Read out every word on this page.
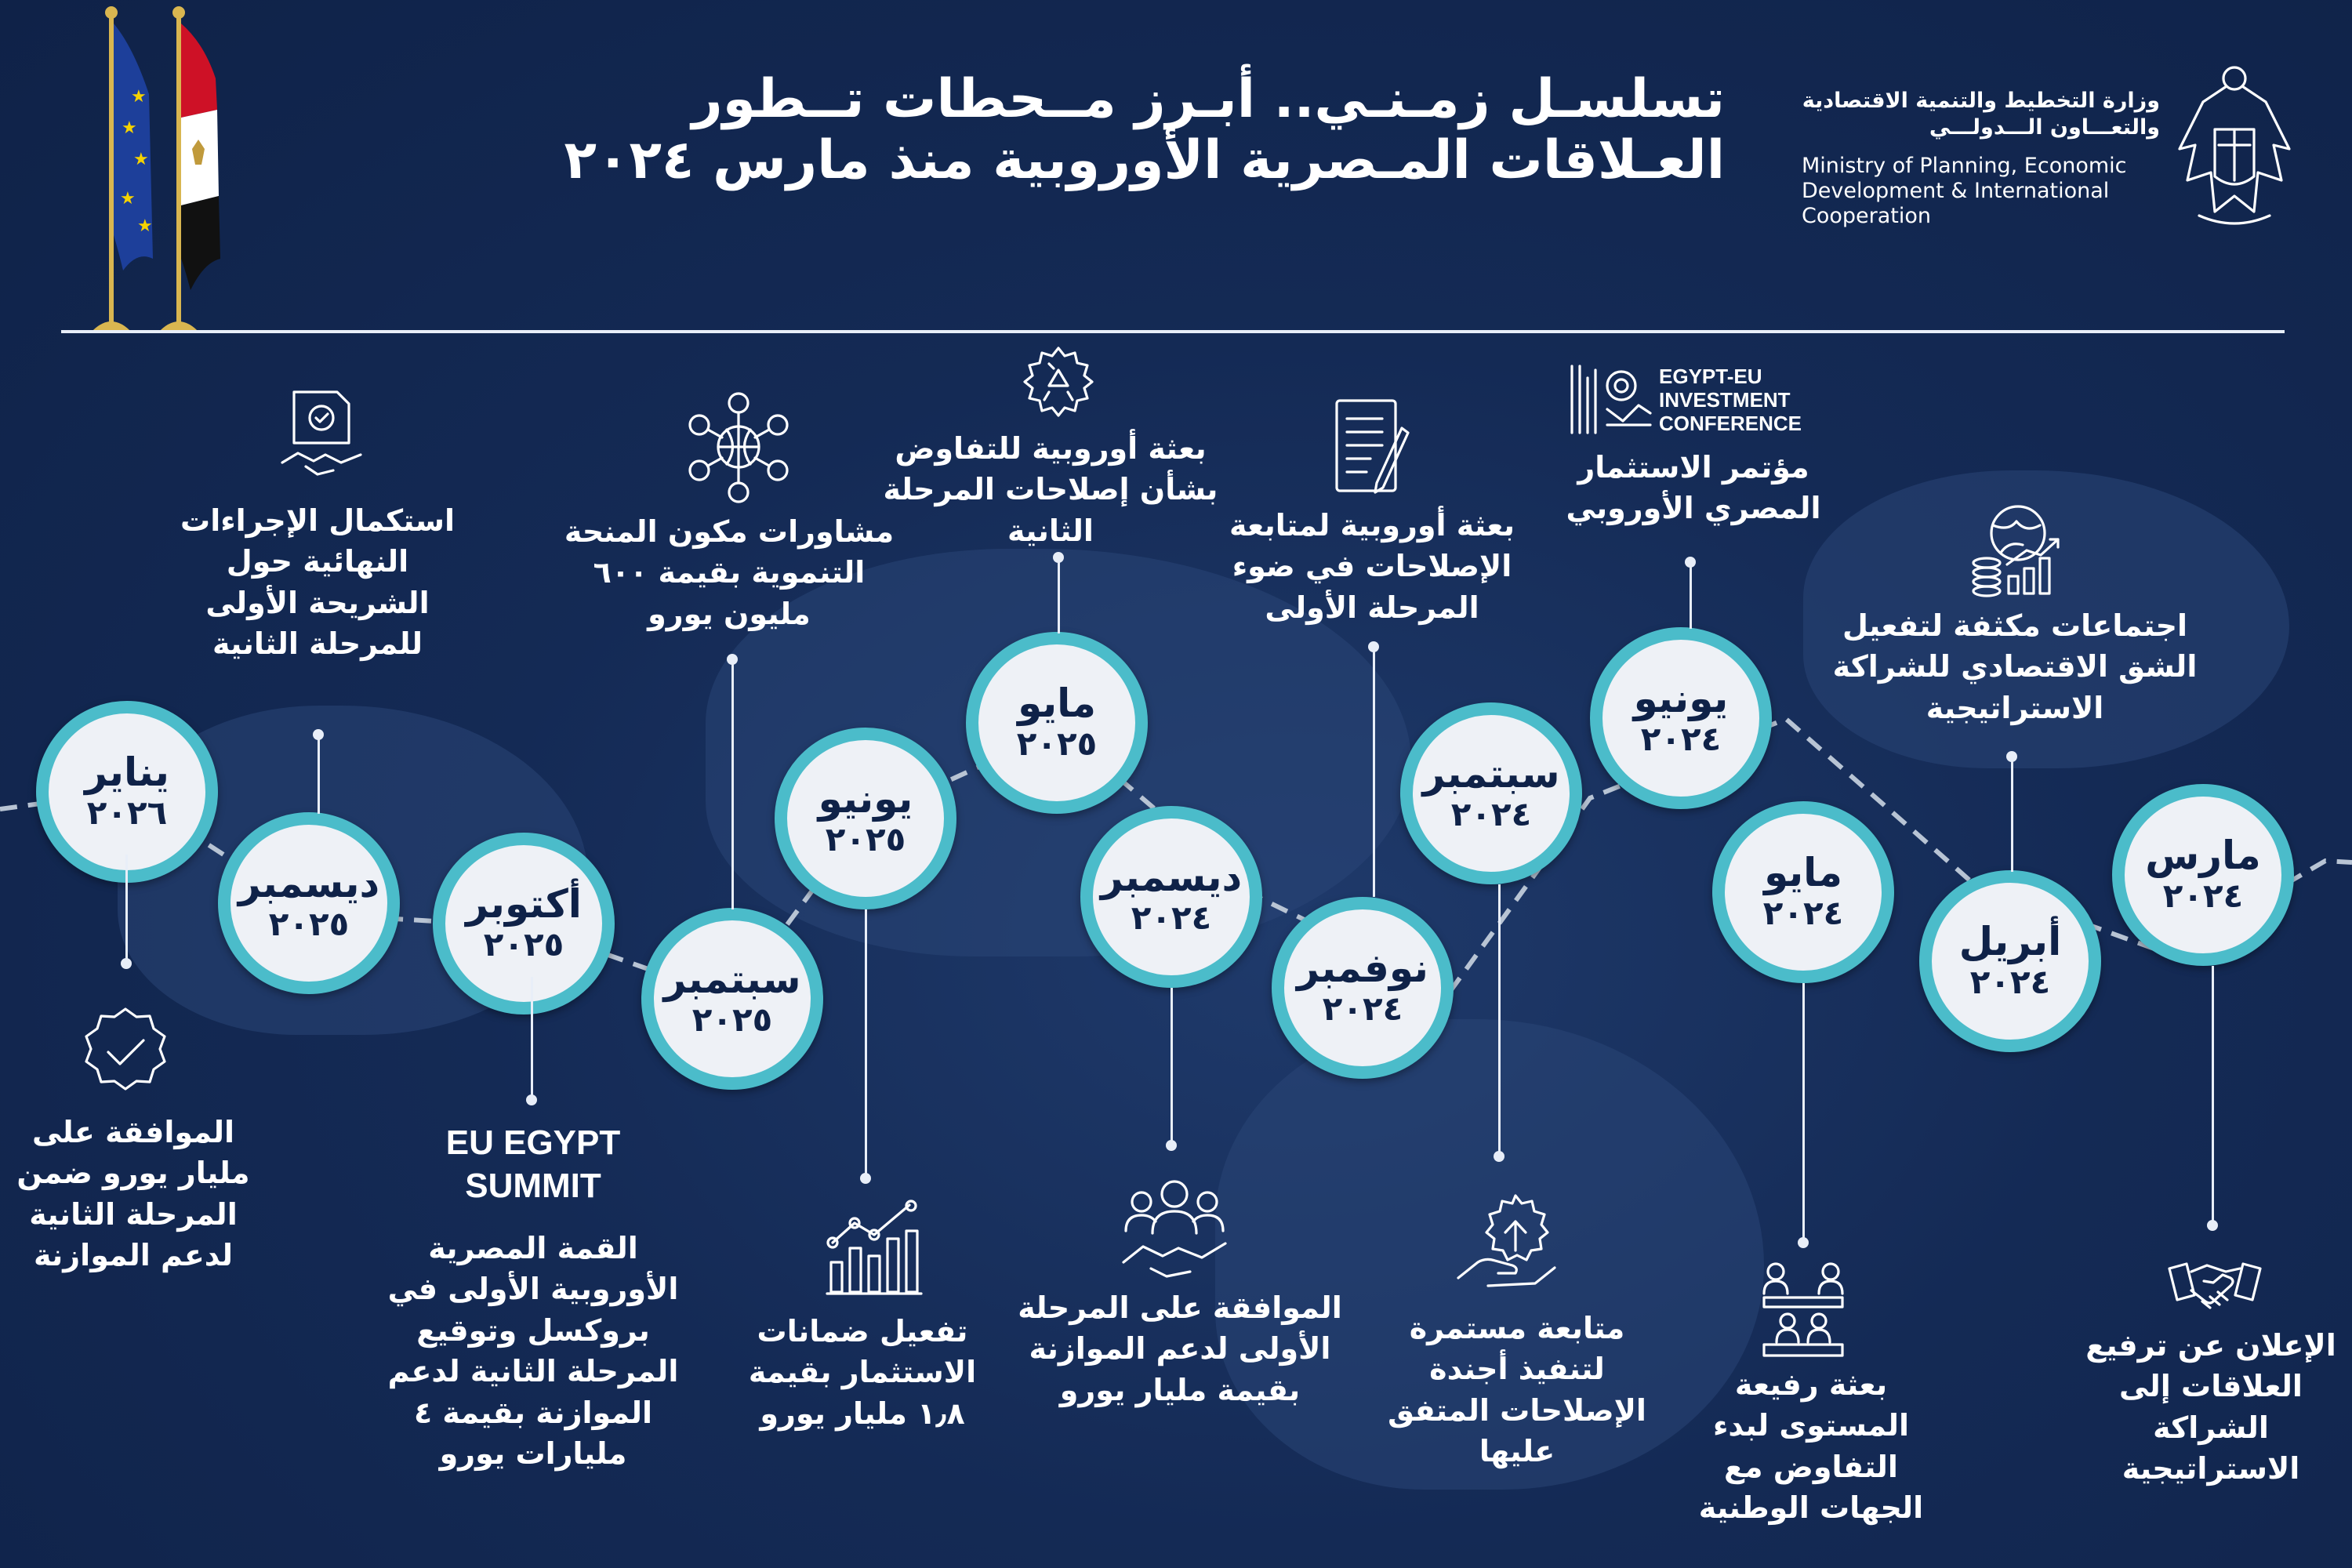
★
★
★
★
★
تسلسـل زمـنـي.. أبـرز مــحطات تــطور
العـلاقات المـصرية الأوروبية منذ مارس ٢٠٢٤
وزارة التخطيط والتنمية الاقتصادية
والتعـــاون الـــدولـــي
Ministry of Planning, Economic
Development & International
Cooperation
يناير
٢٠٢٦
الموافقة على مليار يورو ضمن المرحلة الثانية لدعم الموازنة
ديسمبر
٢٠٢٥
استكمال الإجراءات النهائية حول الشريحة الأولى للمرحلة الثانية
أكتوبر
٢٠٢٥
EU EGYPT SUMMIT
القمة المصرية الأوروبية الأولى في بروكسل وتوقيع المرحلة الثانية لدعم الموازنة بقيمة ٤ مليارات يورو
سبتمبر
٢٠٢٥
مشاورات مكون المنحة التنموية بقيمة ٦٠٠ مليون يورو
يونيو
٢٠٢٥
تفعيل ضمانات الاستثمار بقيمة ١٫٨ مليار يورو
مايو
٢٠٢٥
بعثة أوروبية للتفاوض بشأن إصلاحات المرحلة الثانية
ديسمبر
٢٠٢٤
الموافقة على المرحلة الأولى لدعم الموازنة بقيمة مليار يورو
نوفمبر
٢٠٢٤
بعثة أوروبية لمتابعة الإصلاحات في ضوء المرحلة الأولى
سبتمبر
٢٠٢٤
متابعة مستمرة لتنفيذ أجندة الإصلاحات المتفق عليها
يونيو
٢٠٢٤
EGYPT-EU INVESTMENT CONFERENCE
مؤتمر الاستثمار المصري الأوروبي
مايو
٢٠٢٤
بعثة رفيعة المستوى لبدء التفاوض مع الجهات الوطنية
أبريل
٢٠٢٤
اجتماعات مكثفة لتفعيل الشق الاقتصادي للشراكة الاستراتيجية
مارس
٢٠٢٤
الإعلان عن ترفيع العلاقات إلى الشراكة الاستراتيجية
